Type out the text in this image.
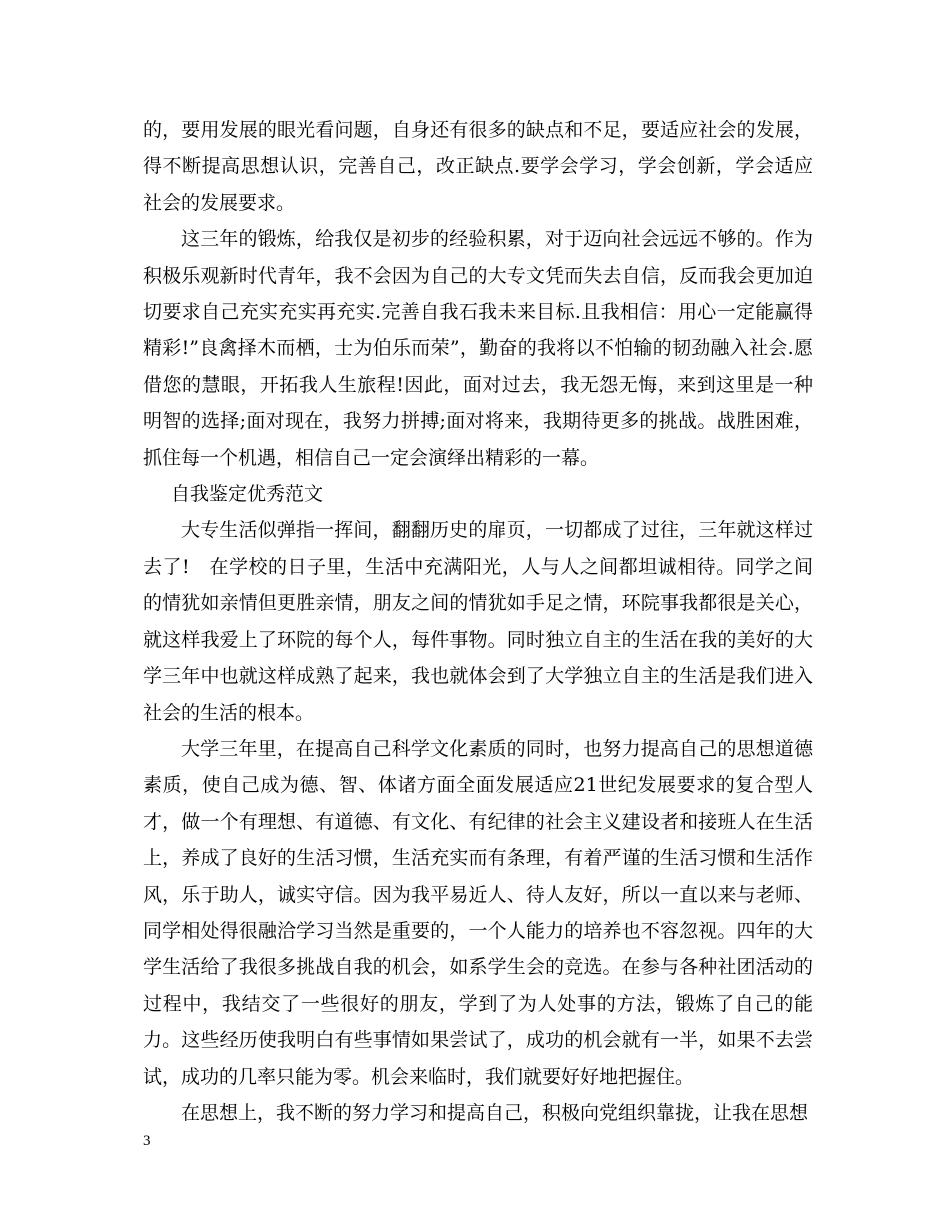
的，要用发展的眼光看问题，自身还有很多的缺点和不足，要适应社会的发展，得不断提高思想认识，完善自己，改正缺点.要学会学习，学会创新，学会适应社会的发展要求。

这三年的锻炼，给我仅是初步的经验积累，对于迈向社会远远不够的。作为积极乐观新时代青年，我不会因为自己的大专文凭而失去自信，反而我会更加迫切要求自己充实充实再充实.完善自我石我未来目标.且我相信：用心一定能赢得精彩!”良禽择木而栖，士为伯乐而荣”，勤奋的我将以不怕输的韧劲融入社会.愿借您的慧眼，开拓我人生旅程!因此，面对过去，我无怨无悔，来到这里是一种明智的选择;面对现在，我努力拼搏;面对将来，我期待更多的挑战。战胜困难，抓住每一个机遇，相信自己一定会演绎出精彩的一幕。

自我鉴定优秀范文

大专生活似弹指一挥间，翻翻历史的扉页，一切都成了过往，三年就这样过去了!　在学校的日子里，生活中充满阳光，人与人之间都坦诚相待。同学之间的情犹如亲情但更胜亲情，朋友之间的情犹如手足之情，环院事我都很是关心，就这样我爱上了环院的每个人，每件事物。同时独立自主的生活在我的美好的大学三年中也就这样成熟了起来，我也就体会到了大学独立自主的生活是我们进入社会的生活的根本。

大学三年里，在提高自己科学文化素质的同时，也努力提高自己的思想道德素质，使自己成为德、智、体诸方面全面发展适应21世纪发展要求的复合型人才，做一个有理想、有道德、有文化、有纪律的社会主义建设者和接班人在生活上，养成了良好的生活习惯，生活充实而有条理，有着严谨的生活习惯和生活作风，乐于助人，诚实守信。因为我平易近人、待人友好，所以一直以来与老师、同学相处得很融洽学习当然是重要的，一个人能力的培养也不容忽视。四年的大学生活给了我很多挑战自我的机会，如系学生会的竞选。在参与各种社团活动的过程中，我结交了一些很好的朋友，学到了为人处事的方法，锻炼了自己的能力。这些经历使我明白有些事情如果尝试了，成功的机会就有一半，如果不去尝试，成功的几率只能为零。机会来临时，我们就要好好地把握住。

在思想上，我不断的努力学习和提高自己，积极向党组织靠拢，让我在思想

3
